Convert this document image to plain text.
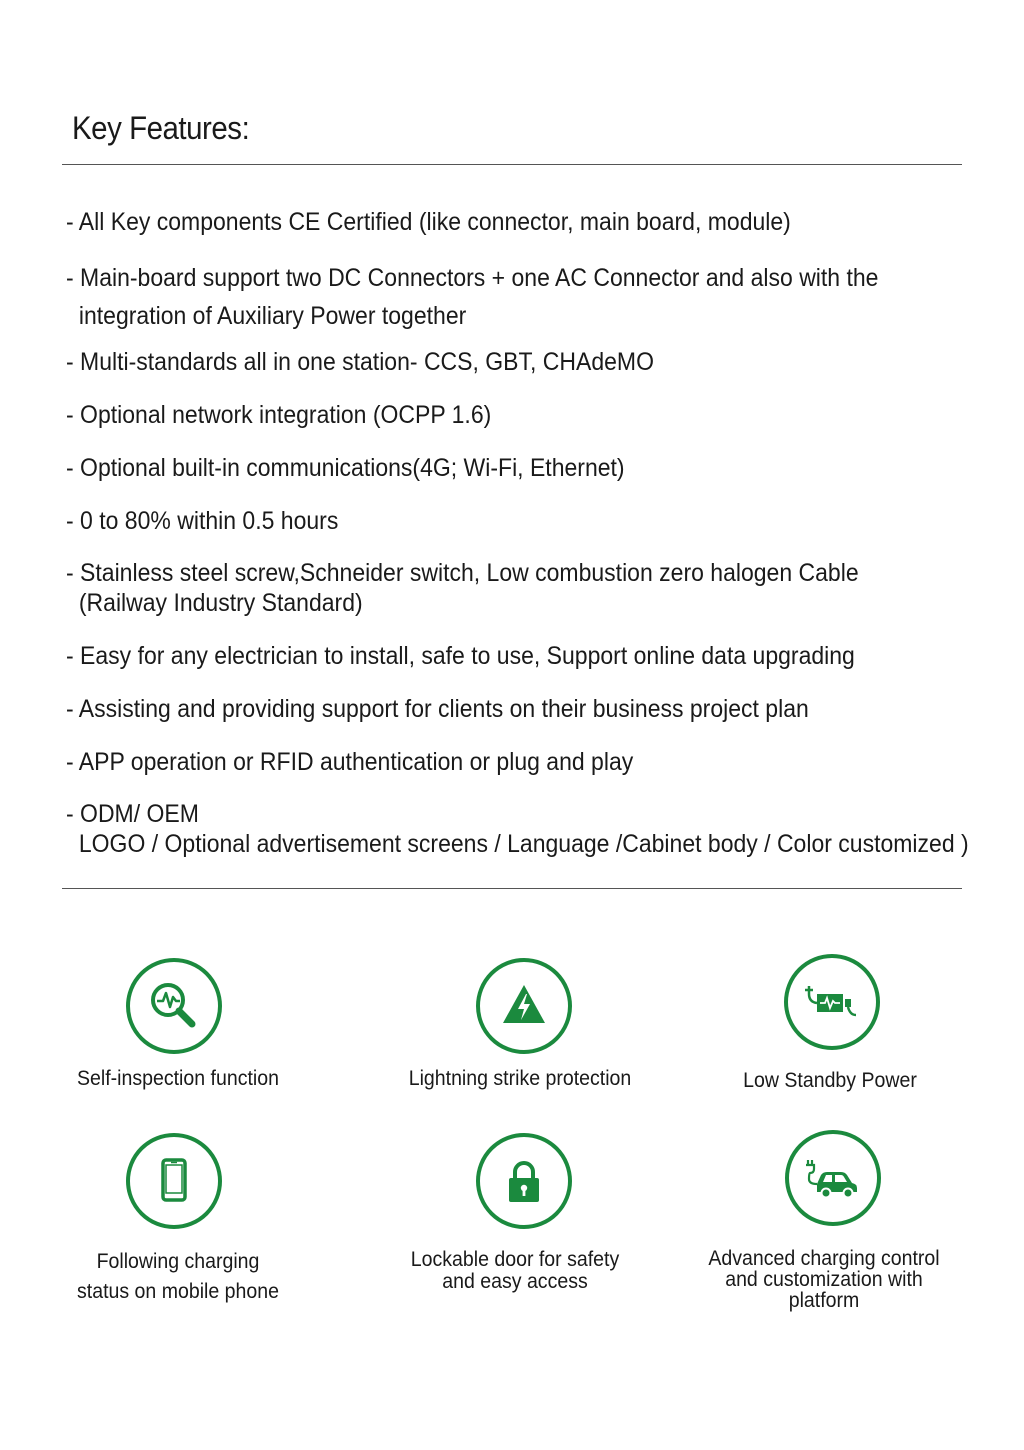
Key Features:
- All Key components CE Certified (like connector, main board, module)
- Main-board support two DC Connectors + one AC Connector and also with the
integration of Auxiliary Power together
- Multi-standards all in one station- CCS, GBT, CHAdeMO
- Optional network integration (OCPP 1.6)
- Optional built-in communications(4G; Wi-Fi, Ethernet)
- 0 to 80% within 0.5 hours
- Stainless steel screw,Schneider switch, Low combustion zero halogen Cable
(Railway Industry Standard)
- Easy for any electrician to install, safe to use, Support online data upgrading
- Assisting and providing support for clients on their business project plan
- APP operation or RFID authentication or plug and play
- ODM/ OEM
LOGO / Optional advertisement screens / Language /Cabinet body / Color customized )
Self-inspection function	Lightning strike protection	Low Standby Power
Following charging
status on mobile phone
Lockable door for safety
and easy access
Advanced charging control
and customization with
platform
